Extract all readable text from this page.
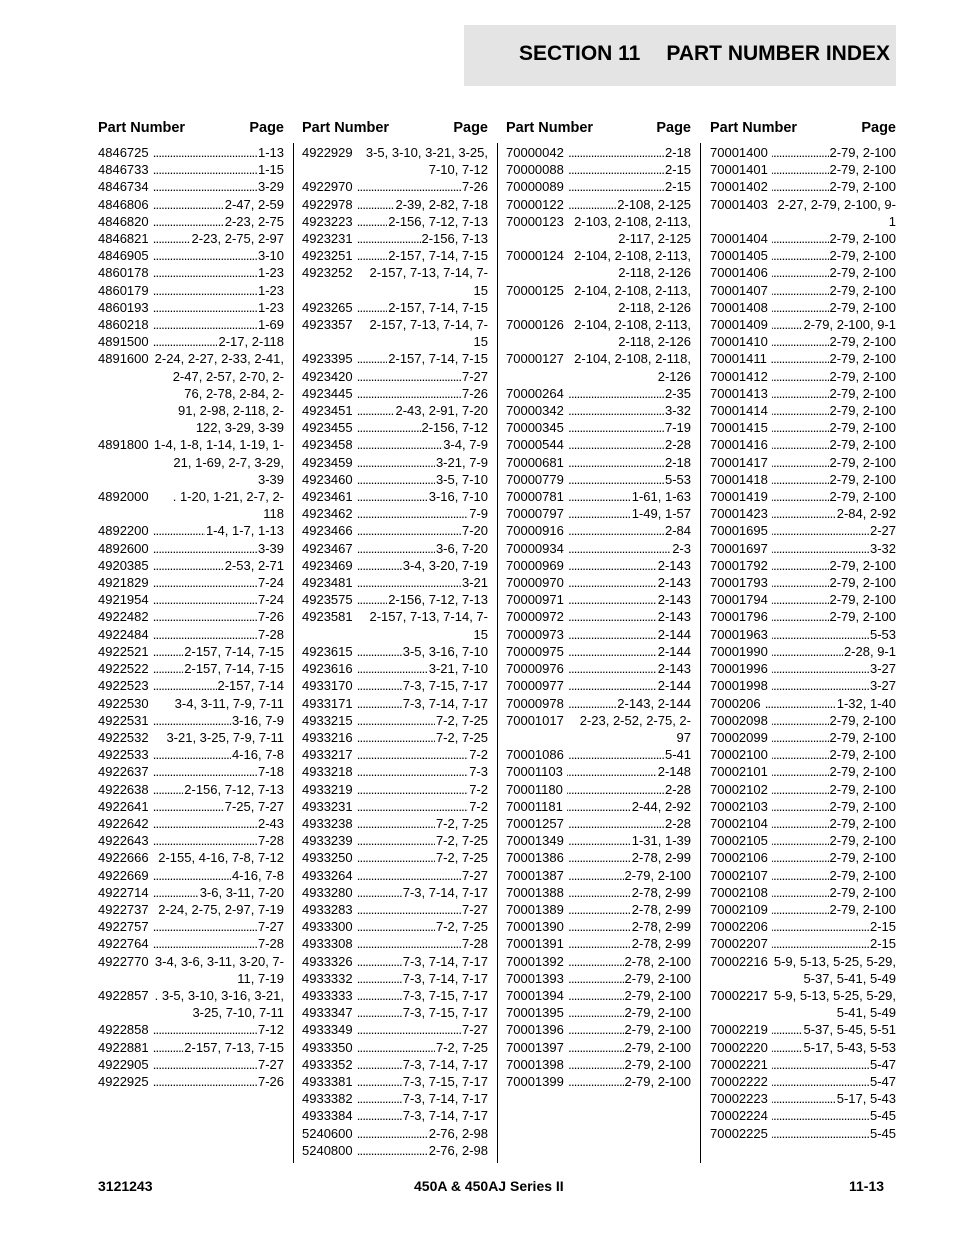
SECTION 11 PART NUMBER INDEX
Part Number	Page
4846725	. . . 1-13
4846733	. . . 1-15
4846734	. . . 3-29
4846806	. . . 2-47, 2-59
4846820	. . . 2-23, 2-75
4846821	. . . 2-23, 2-75, 2-97
4846905	. . . 3-10
4860178	. . . 1-23
4860179	. . . 1-23
4860193	. . . 1-23
4860218	. . . 1-69
4891500	. . . 2-17, 2-118
4891600 2-24, 2-27, 2-33, 2-41, 2-47, 2-57, 2-70, 2-76, 2-78, 2-84, 2-91, 2-98, 2-118, 2-122, 3-29, 3-39
4891800 1-4, 1-8, 1-14, 1-19, 1-21, 1-69, 2-7, 3-29, 3-39
4892000	. 1-20, 1-21, 2-7, 2-118
4892200	. . . 1-4, 1-7, 1-13
4892600	. . . 3-39
4920385	. . . 2-53, 2-71
4921829	. . . 7-24
4921954	. . . 7-24
4922482	. . . 7-26
4922484	. . . 7-28
4922521	. . . 2-157, 7-14, 7-15
4922522	. . . 2-157, 7-14, 7-15
4922523	. . . 2-157, 7-14
4922530	3-4, 3-11, 7-9, 7-11
4922531	. . . 3-16, 7-9
4922532	3-21, 3-25, 7-9, 7-11
4922533	. . . 4-16, 7-8
4922637	. . . 7-18
4922638	. . . 2-156, 7-12, 7-13
4922641	. . . 7-25, 7-27
4922642	. . . 2-43
4922643	. . . 7-28
4922666 2-155, 4-16, 7-8, 7-12
4922669	. . . 4-16, 7-8
4922714	. . . 3-6, 3-11, 7-20
4922737 2-24, 2-75, 2-97, 7-19
4922757	. . . 7-27
4922764	. . . 7-28
4922770 3-4, 3-6, 3-11, 3-20, 7-11, 7-19
4922857 . 3-5, 3-10, 3-16, 3-21, 3-25, 7-10, 7-11
4922858	. . . 7-12
4922881	. . . 2-157, 7-13, 7-15
4922905	. . . 7-27
4922925	. . . 7-26
Part Number	Page
4922929	3-5, 3-10, 3-21, 3-25, 7-10, 7-12
4922970	. . . 7-26
4922978	. . . 2-39, 2-82, 7-18
4923223	. . . 2-156, 7-12, 7-13
4923231	. . . 2-156, 7-13
4923251	. . . 2-157, 7-14, 7-15
4923252	2-157, 7-13, 7-14, 7-15
4923265	. . . 2-157, 7-14, 7-15
4923357	2-157, 7-13, 7-14, 7-15
4923395	. . . 2-157, 7-14, 7-15
4923420	. . . 7-27
4923445	. . . 7-26
4923451	. . . 2-43, 2-91, 7-20
4923455	. . . 2-156, 7-12
4923458	. . . 3-4, 7-9
4923459	. . . 3-21, 7-9
4923460	. . . 3-5, 7-10
4923461	. . . 3-16, 7-10
4923462	. . . 7-9
4923466	. . . 7-20
4923467	. . . 3-6, 7-20
4923469	. . . 3-4, 3-20, 7-19
4923481	. . . 3-21
4923575	. . . 2-156, 7-12, 7-13
4923581	2-157, 7-13, 7-14, 7-15
4923615	. . . 3-5, 3-16, 7-10
4923616	. . . 3-21, 7-10
4933170	. . . 7-3, 7-15, 7-17
4933171	. . . 7-3, 7-14, 7-17
4933215	. . . 7-2, 7-25
4933216	. . . 7-2, 7-25
4933217	. . . 7-2
4933218	. . . 7-3
4933219	. . . 7-2
4933231	. . . 7-2
4933238	. . . 7-2, 7-25
4933239	. . . 7-2, 7-25
4933250	. . . 7-2, 7-25
4933264	. . . 7-27
4933280	. . . 7-3, 7-14, 7-17
4933283	. . . 7-27
4933300	. . . 7-2, 7-25
4933308	. . . 7-28
4933326	. . . 7-3, 7-14, 7-17
4933332	. . . 7-3, 7-14, 7-17
4933333	. . . 7-3, 7-15, 7-17
4933347	. . . 7-3, 7-15, 7-17
4933349	. . . 7-27
4933350	. . . 7-2, 7-25
4933352	. . . 7-3, 7-14, 7-17
4933381	. . . 7-3, 7-15, 7-17
4933382	. . . 7-3, 7-14, 7-17
4933384	. . . 7-3, 7-14, 7-17
5240600	. . . 2-76, 2-98
5240800	. . . 2-76, 2-98
Part Number	Page
70000042	. . . 2-18
70000088	. . . 2-15
70000089	. . . 2-15
70000122	. . . 2-108, 2-125
70000123 2-103, 2-108, 2-113, 2-117, 2-125
70000124 2-104, 2-108, 2-113, 2-118, 2-126
70000125 2-104, 2-108, 2-113, 2-118, 2-126
70000126 2-104, 2-108, 2-113, 2-118, 2-126
70000127 2-104, 2-108, 2-118, 2-126
70000264	. . . 2-35
70000342	. . . 3-32
70000345	. . . 7-19
70000544	. . . 2-28
70000681	. . . 2-18
70000779	. . . 5-53
70000781	. . . 1-61, 1-63
70000797	. . . 1-49, 1-57
70000916	. . . 2-84
70000934	. . . 2-3
70000969	. . . 2-143
70000970	. . . 2-143
70000971	. . . 2-143
70000972	. . . 2-143
70000973	. . . 2-144
70000975	. . . 2-144
70000976	. . . 2-143
70000977	. . . 2-144
70000978	. . . 2-143, 2-144
70001017	2-23, 2-52, 2-75, 2-97
70001086	. . . 5-41
70001103	. . . 2-148
70001180	. . . 2-28
70001181	. . . 2-44, 2-92
70001257	. . . 2-28
70001349	. . . 1-31, 1-39
70001386	. . . 2-78, 2-99
70001387	. . . 2-79, 2-100
70001388	. . . 2-78, 2-99
70001389	. . . 2-78, 2-99
70001390	. . . 2-78, 2-99
70001391	. . . 2-78, 2-99
70001392	. . . 2-78, 2-100
70001393	. . . 2-79, 2-100
70001394	. . . 2-79, 2-100
70001395	. . . 2-79, 2-100
70001396	. . . 2-79, 2-100
70001397	. . . 2-79, 2-100
70001398	. . . 2-79, 2-100
70001399	. . . 2-79, 2-100
Part Number	Page
70001400	. . . 2-79, 2-100
70001401	. . . 2-79, 2-100
70001402	. . . 2-79, 2-100
70001403 2-27, 2-79, 2-100, 9-1
70001404	. . . 2-79, 2-100
70001405	. . . 2-79, 2-100
70001406	. . . 2-79, 2-100
70001407	. . . 2-79, 2-100
70001408	. . . 2-79, 2-100
70001409	. . . 2-79, 2-100, 9-1
70001410	. . . 2-79, 2-100
70001411	. . . 2-79, 2-100
70001412	. . . 2-79, 2-100
70001413	. . . 2-79, 2-100
70001414	. . . 2-79, 2-100
70001415	. . . 2-79, 2-100
70001416	. . . 2-79, 2-100
70001417	. . . 2-79, 2-100
70001418	. . . 2-79, 2-100
70001419	. . . 2-79, 2-100
70001423	. . . 2-84, 2-92
70001695	. . . 2-27
70001697	. . . 3-32
70001792	. . . 2-79, 2-100
70001793	. . . 2-79, 2-100
70001794	. . . 2-79, 2-100
70001796	. . . 2-79, 2-100
70001963	. . . 5-53
70001990	. . . 2-28, 9-1
70001996	. . . 3-27
70001998	. . . 3-27
7000206	. . . 1-32, 1-40
70002098	. . . 2-79, 2-100
70002099	. . . 2-79, 2-100
70002100	. . . 2-79, 2-100
70002101	. . . 2-79, 2-100
70002102	. . . 2-79, 2-100
70002103	. . . 2-79, 2-100
70002104	. . . 2-79, 2-100
70002105	. . . 2-79, 2-100
70002106	. . . 2-79, 2-100
70002107	. . . 2-79, 2-100
70002108	. . . 2-79, 2-100
70002109	. . . 2-79, 2-100
70002206	. . . 2-15
70002207	. . . 2-15
70002216 5-9, 5-13, 5-25, 5-29, 5-37, 5-41, 5-49
70002217 5-9, 5-13, 5-25, 5-29, 5-41, 5-49
70002219	. . . 5-37, 5-45, 5-51
70002220	. . . 5-17, 5-43, 5-53
70002221	. . . 5-47
70002222	. . . 5-47
70002223	. . . 5-17, 5-43
70002224	. . . 5-45
70002225	. . . 5-45
3121243	450A & 450AJ Series II	11-13
